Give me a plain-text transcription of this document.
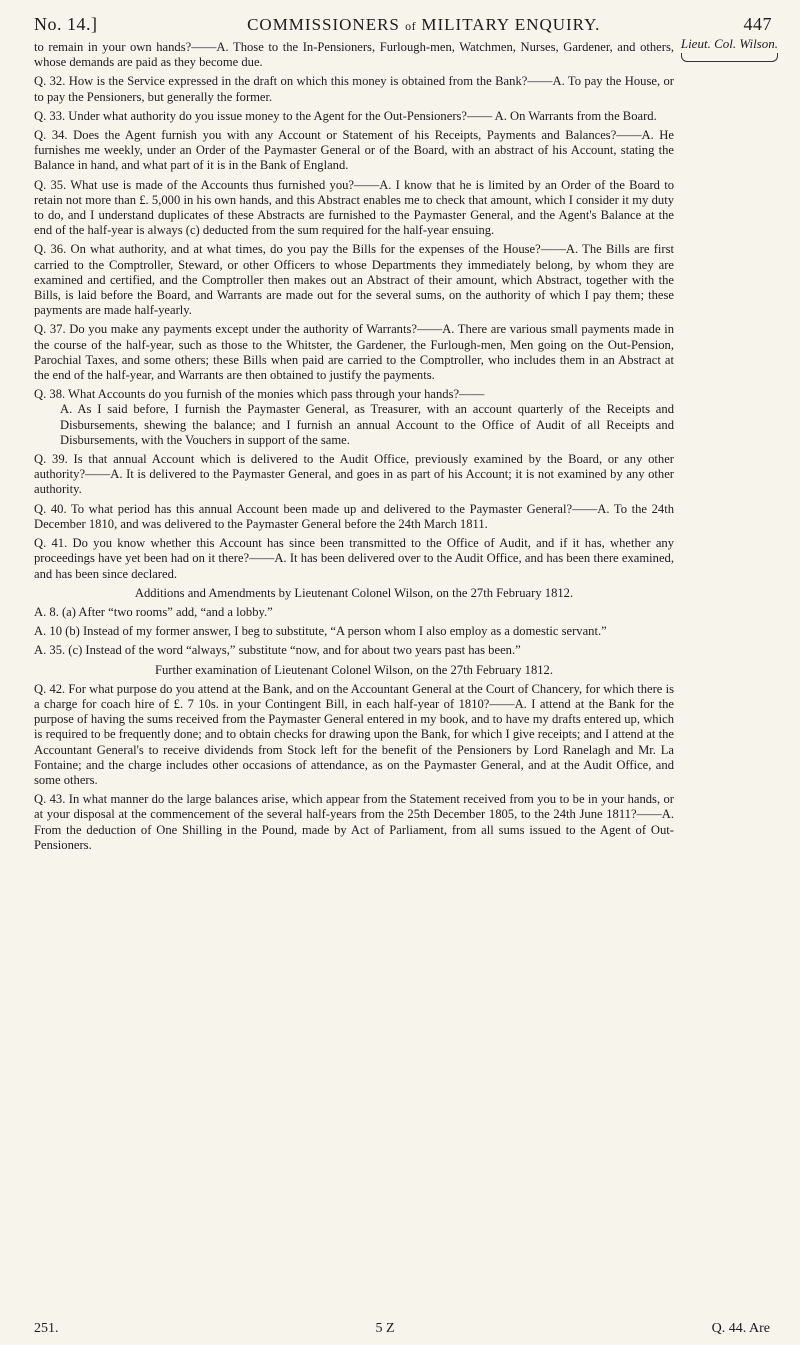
No. 14.]	COMMISSIONERS of MILITARY ENQUIRY.	447
Lieut. Col. Wilson.

to remain in your own hands?——A. Those to the In-Pensioners, Furlough-men, Watchmen, Nurses, Gardener, and others, whose demands are paid as they become due.

Q. 32. How is the Service expressed in the draft on which this money is obtained from the Bank?——A. To pay the House, or to pay the Pensioners, but generally the former.

Q. 33. Under what authority do you issue money to the Agent for the Out-Pensioners?—— A. On Warrants from the Board.

Q. 34. Does the Agent furnish you with any Account or Statement of his Receipts, Payments and Balances?——A. He furnishes me weekly, under an Order of the Paymaster General or of the Board, with an abstract of his Account, stating the Balance in hand, and what part of it is in the Bank of England.

Q. 35. What use is made of the Accounts thus furnished you?——A. I know that he is limited by an Order of the Board to retain not more than £. 5,000 in his own hands, and this Abstract enables me to check that amount, which I consider it my duty to do, and I understand duplicates of these Abstracts are furnished to the Paymaster General, and the Agent's Balance at the end of the half-year is always (c) deducted from the sum required for the half-year ensuing.

Q. 36. On what authority, and at what times, do you pay the Bills for the expenses of the House?——A. The Bills are first carried to the Comptroller, Steward, or other Officers to whose Departments they immediately belong, by whom they are examined and certified, and the Comptroller then makes out an Abstract of their amount, which Abstract, together with the Bills, is laid before the Board, and Warrants are made out for the several sums, on the authority of which I pay them; these payments are made half-yearly.

Q. 37. Do you make any payments except under the authority of Warrants?——A. There are various small payments made in the course of the half-year, such as those to the Whitster, the Gardener, the Furlough-men, Men going on the Out-Pension, Parochial Taxes, and some others; these Bills when paid are carried to the Comptroller, who includes them in an Abstract at the end of the half-year, and Warrants are then obtained to justify the payments.

Q. 38. What Accounts do you furnish of the monies which pass through your hands?——

A. As I said before, I furnish the Paymaster General, as Treasurer, with an account quarterly of the Receipts and Disbursements, shewing the balance; and I furnish an annual Account to the Office of Audit of all Receipts and Disbursements, with the Vouchers in support of the same.

Q. 39. Is that annual Account which is delivered to the Audit Office, previously examined by the Board, or any other authority?——A. It is delivered to the Paymaster General, and goes in as part of his Account; it is not examined by any other authority.

Q. 40. To what period has this annual Account been made up and delivered to the Paymaster General?——A. To the 24th December 1810, and was delivered to the Paymaster General before the 24th March 1811.

Q. 41. Do you know whether this Account has since been transmitted to the Office of Audit, and if it has, whether any proceedings have yet been had on it there?——A. It has been delivered over to the Audit Office, and has been there examined, and has been since declared.

Additions and Amendments by Lieutenant Colonel Wilson, on the 27th February 1812.

A. 8. (a) After “two rooms” add, “and a lobby.”

A. 10 (b) Instead of my former answer, I beg to substitute, “A person whom I also employ as a domestic servant.”

A. 35. (c) Instead of the word “always,” substitute “now, and for about two years past has been.”

Further examination of Lieutenant Colonel Wilson, on the 27th February 1812.

Q. 42. For what purpose do you attend at the Bank, and on the Accountant General at the Court of Chancery, for which there is a charge for coach hire of £. 7 10s. in your Contingent Bill, in each half-year of 1810?——A. I attend at the Bank for the purpose of having the sums received from the Paymaster General entered in my book, and to have my drafts entered up, which is required to be frequently done; and to obtain checks for drawing upon the Bank, for which I give receipts; and I attend at the Accountant General's to receive dividends from Stock left for the benefit of the Pensioners by Lord Ranelagh and Mr. La Fontaine; and the charge includes other occasions of attendance, as on the Paymaster General, and at the Audit Office, and some others.

Q. 43. In what manner do the large balances arise, which appear from the Statement received from you to be in your hands, or at your disposal at the commencement of the several half-years from the 25th December 1805, to the 24th June 1811?——A. From the deduction of One Shilling in the Pound, made by Act of Parliament, from all sums issued to the Agent of Out-Pensioners.

251.	5 Z	Q. 44. Are
